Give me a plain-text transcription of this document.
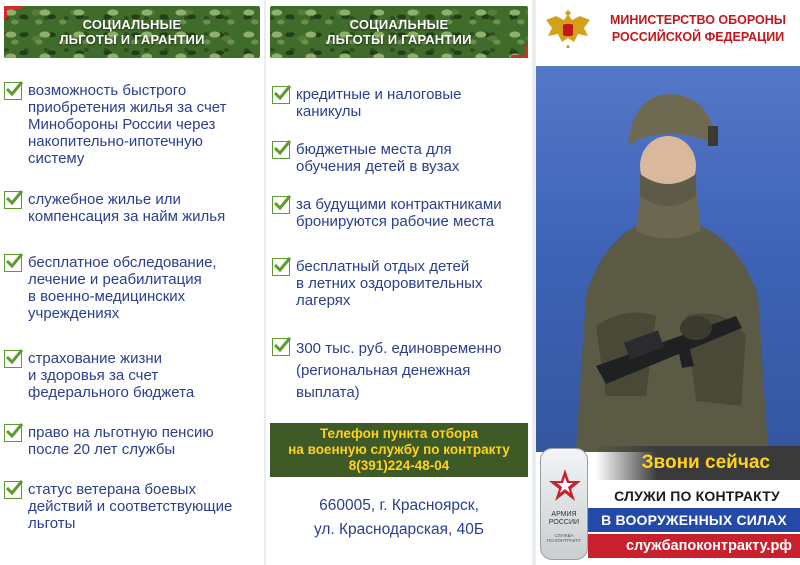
СОЦИАЛЬНЫЕ
ЛЬГОТЫ И ГАРАНТИИ
возможность быстрого
приобретения жилья за счет
Минобороны России через
накопительно-ипотечную
систему
служебное жилье или
компенсация за найм жилья
бесплатное обследование,
лечение и реабилитация
в военно-медицинских
учреждениях
страхование жизни
и здоровья за счет
федерального бюджета
право на льготную пенсию
после 20 лет службы
статус ветерана боевых
действий и соответствующие
льготы
СОЦИАЛЬНЫЕ
ЛЬГОТЫ И ГАРАНТИИ
кредитные и налоговые
каникулы
бюджетные места для
обучения детей в вузах
за будущими контрактниками
бронируются рабочие места
бесплатный отдых детей
в летних оздоровительных
лагерях
300 тыс. руб. единовременно
(региональная денежная
выплата)
Телефон пункта отбора
на военную службу по контракту
8(391)224-48-04
660005, г. Красноярск,
ул. Краснодарская, 40Б
МИНИСТЕРСТВО ОБОРОНЫ
РОССИЙСКОЙ ФЕДЕРАЦИИ
Звони сейчас
СЛУЖИ ПО КОНТРАКТУ
В ВООРУЖЕННЫХ СИЛАХ
службапоконтракту.рф
АРМИЯ
РОССИИ
СЛУЖБА
ПО КОНТРАКТУ
